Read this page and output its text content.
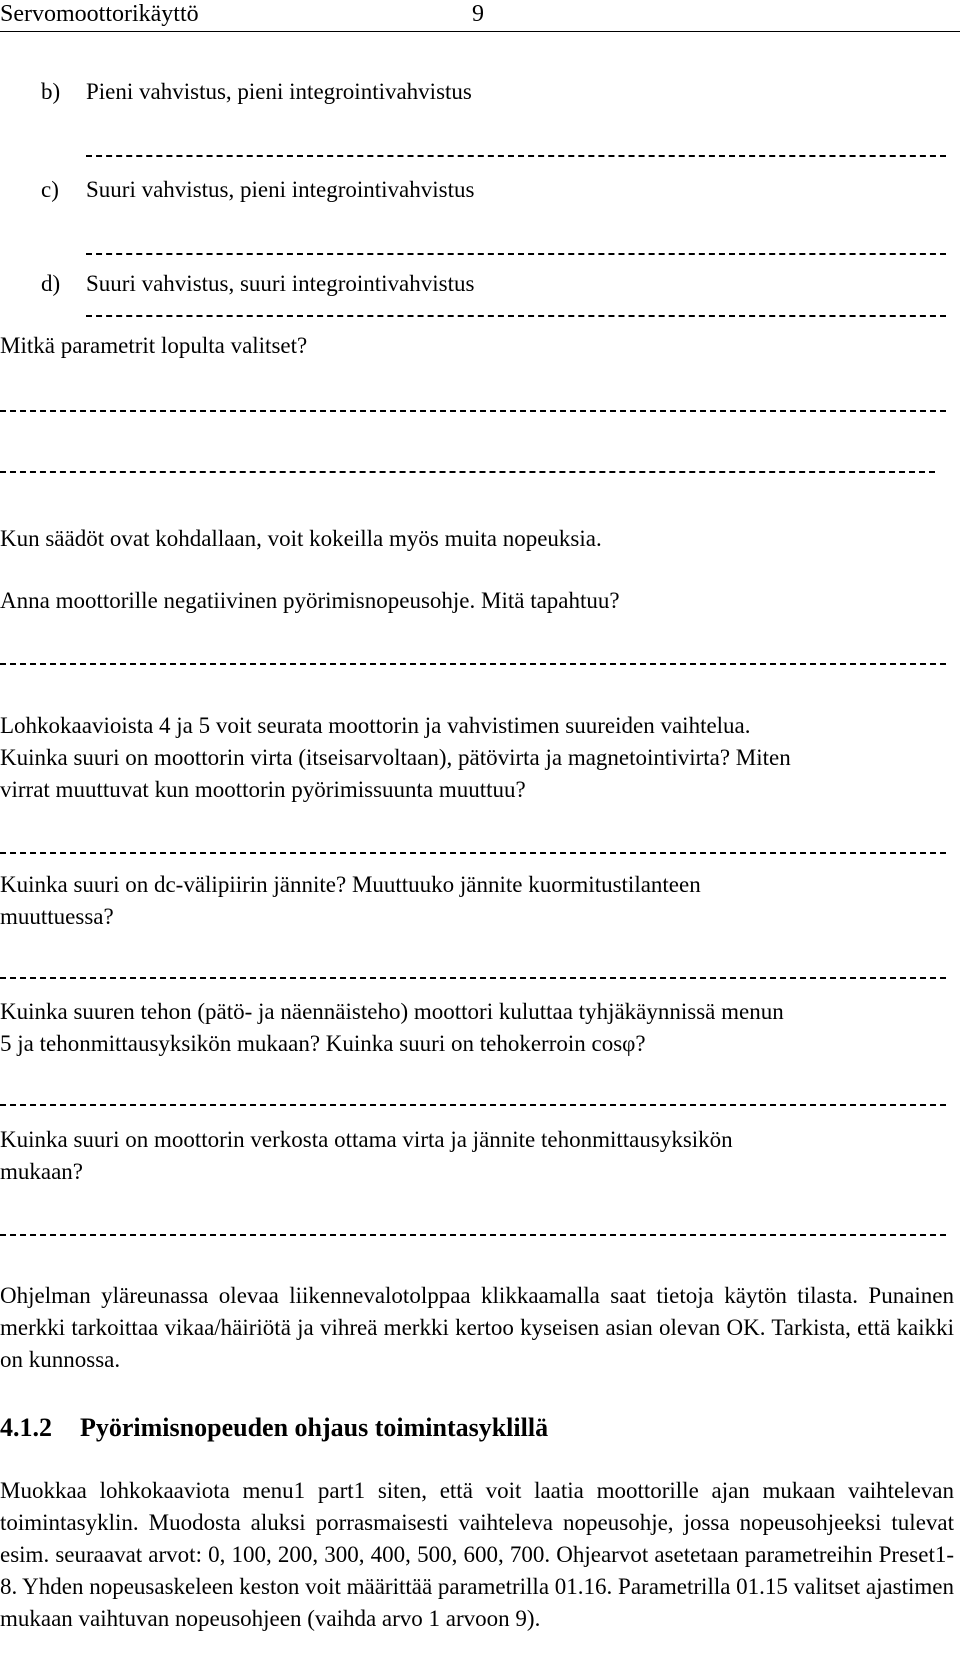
Servomoottorikäyttö	9
b) Pieni vahvistus, pieni integrointivahvistus
c) Suuri vahvistus, pieni integrointivahvistus
d) Suuri vahvistus, suuri integrointivahvistus
Mitkä parametrit lopulta valitset?
Kun säädöt ovat kohdallaan, voit kokeilla myös muita nopeuksia.
Anna moottorille negatiivinen pyörimisnopeusohje. Mitä tapahtuu?
Lohkokaavioista 4 ja 5 voit seurata moottorin ja vahvistimen suureiden vaihtelua.
Kuinka suuri on moottorin virta (itseisarvoltaan), pätövirta ja magnetointivirta? Miten
virrat muuttuvat kun moottorin pyörimissuunta muuttuu?
Kuinka suuri on dc-välipiirin jännite? Muuttuuko jännite kuormitustilanteen
muuttuessa?
Kuinka suuren tehon (pätö- ja näennäisteho) moottori kuluttaa tyhjäkäynnissä menun
5 ja tehonmittausyksikön mukaan? Kuinka suuri on tehokerroin cosφ?
Kuinka suuri on moottorin verkosta ottama virta ja jännite tehonmittausyksikön
mukaan?
Ohjelman yläreunassa olevaa liikennevalotolppaa klikkaamalla saat tietoja käytön tilasta. Punainen merkki tarkoittaa vikaa/häiriötä ja vihreä merkki kertoo kyseisen asian olevan OK. Tarkista, että kaikki on kunnossa.
4.1.2 Pyörimisnopeuden ohjaus toimintasyklillä
Muokkaa lohkokaaviota menu1 part1 siten, että voit laatia moottorille ajan mukaan vaihtelevan toimintasyklin. Muodosta aluksi porrasmaisesti vaihteleva nopeusohje, jossa nopeusohjeeksi tulevat esim. seuraavat arvot: 0, 100, 200, 300, 400, 500, 600, 700. Ohjearvot asetetaan parametreihin Preset1-8. Yhden nopeusaskeleen keston voit määrittää parametrilla 01.16. Parametrilla 01.15 valitset ajastimen mukaan vaihtuvan nopeusohjeen (vaihda arvo 1 arvoon 9).
